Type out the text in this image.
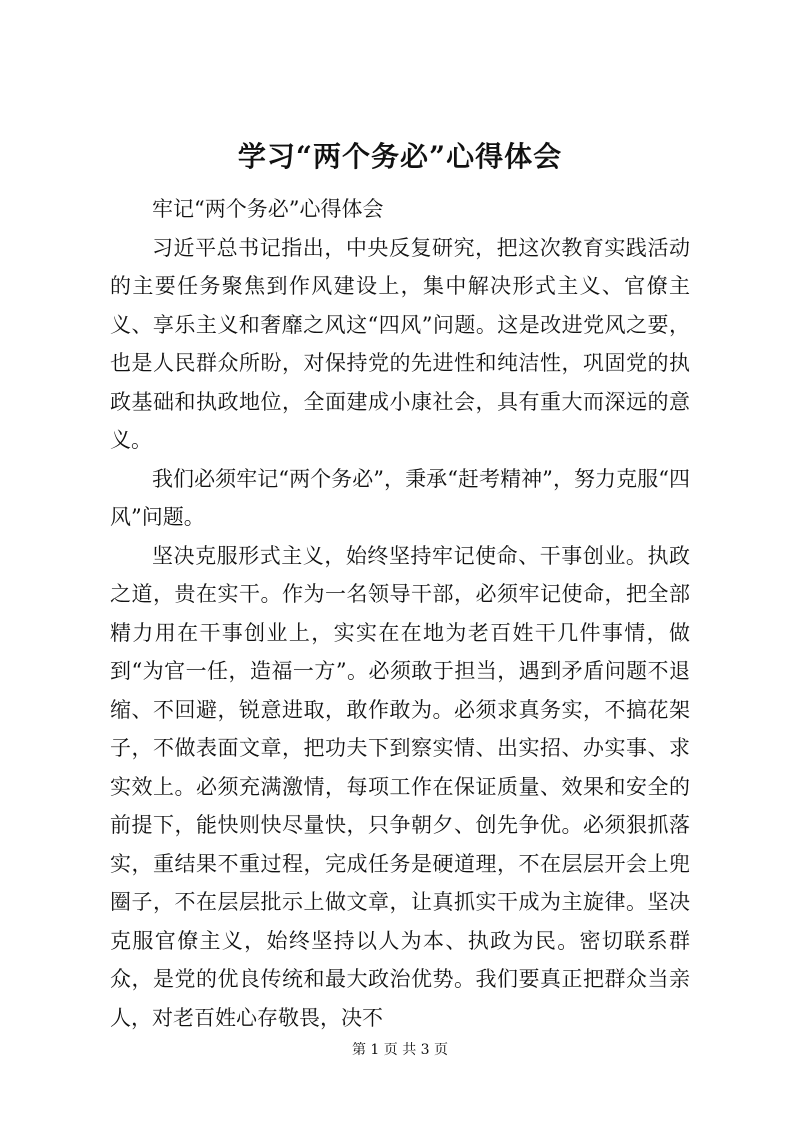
学习“两个务必”心得体会

牢记“两个务必”心得体会

习近平总书记指出，中央反复研究，把这次教育实践活动的主要任务聚焦到作风建设上，集中解决形式主义、官僚主义、享乐主义和奢靡之风这“四风”问题。这是改进党风之要，也是人民群众所盼，对保持党的先进性和纯洁性，巩固党的执政基础和执政地位，全面建成小康社会，具有重大而深远的意义。

我们必须牢记“两个务必”，秉承“赶考精神”，努力克服“四风”问题。

坚决克服形式主义，始终坚持牢记使命、干事创业。执政之道，贵在实干。作为一名领导干部，必须牢记使命，把全部精力用在干事创业上，实实在在地为老百姓干几件事情，做到“为官一任，造福一方”。必须敢于担当，遇到矛盾问题不退缩、不回避，锐意进取，敢作敢为。必须求真务实，不搞花架子，不做表面文章，把功夫下到察实情、出实招、办实事、求实效上。必须充满激情，每项工作在保证质量、效果和安全的前提下，能快则快尽量快，只争朝夕、创先争优。必须狠抓落实，重结果不重过程，完成任务是硬道理，不在层层开会上兜圈子，不在层层批示上做文章，让真抓实干成为主旋律。坚决克服官僚主义，始终坚持以人为本、执政为民。密切联系群众，是党的优良传统和最大政治优势。我们要真正把群众当亲人，对老百姓心存敬畏，决不

第 1 页 共 3 页
